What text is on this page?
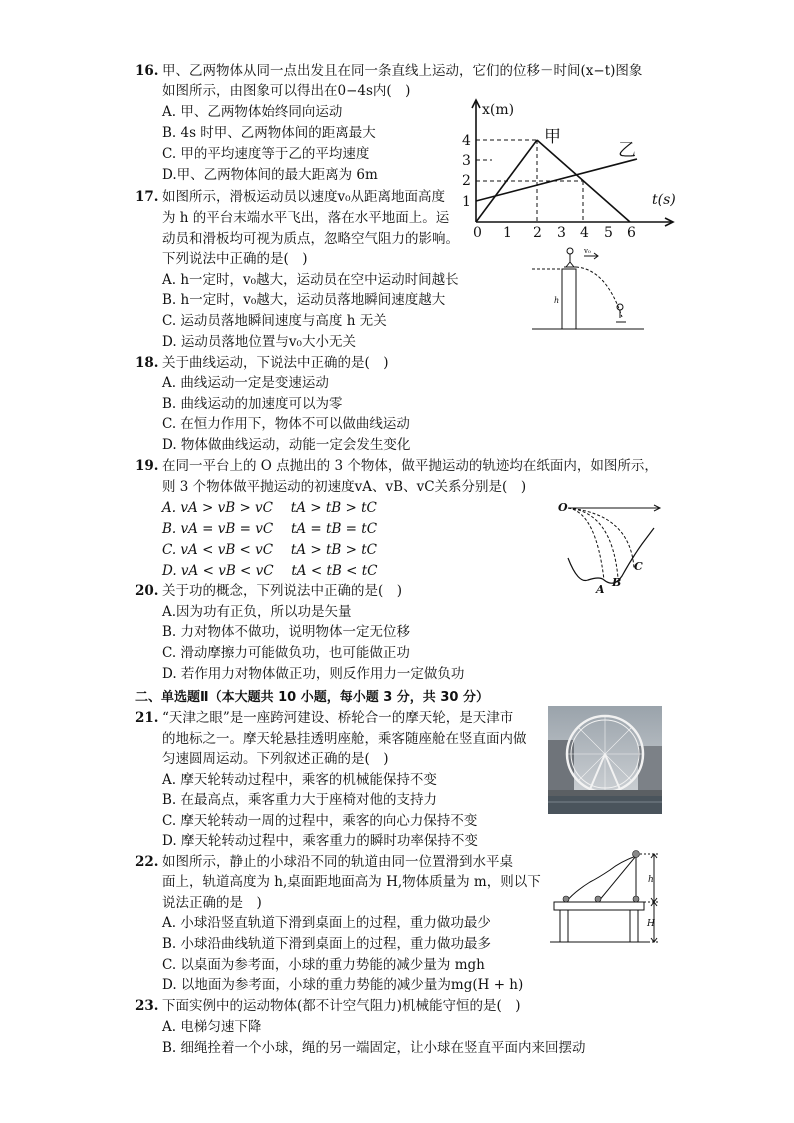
16. 甲、乙两物体从同一点出发且在同一条直线上运动，它们的位移－时间(x−t)图象
如图所示，由图象可以得出在0−4s内(　)
A. 甲、乙两物体始终同向运动
B. 4s 时甲、乙两物体间的距离最大
C. 甲的平均速度等于乙的平均速度
D.甲、乙两物体间的最大距离为 6m
x(m)
t(s)
甲
乙
4
3
2
1
0 1 2 3 4 5 6
17. 如图所示，滑板运动员以速度v₀从距离地面高度
为 h 的平台末端水平飞出，落在水平地面上。运
动员和滑板均可视为质点，忽略空气阻力的影响。
下列说法中正确的是(　)
A. h一定时，v₀越大，运动员在空中运动时间越长
B. h一定时，v₀越大，运动员落地瞬间速度越大
C. 运动员落地瞬间速度与高度 h 无关
D. 运动员落地位置与v₀大小无关
v₀
h
18. 关于曲线运动，下说法中正确的是(　)
A. 曲线运动一定是变速运动
B. 曲线运动的加速度可以为零
C. 在恒力作用下，物体不可以做曲线运动
D. 物体做曲线运动，动能一定会发生变化
19. 在同一平台上的 O 点抛出的 3 个物体，做平抛运动的轨迹均在纸面内，如图所示，
则 3 个物体做平抛运动的初速度vA、vB、vC关系分别是(　)
A. vA > vB > vC　 tA > tB > tC
B. vA = vB = vC　 tA = tB = tC
C. vA < vB < vC　 tA > tB > tC
D. vA < vB < vC　 tA < tB < tC
O
A
B
C
20. 关于功的概念，下列说法中正确的是(　)
A.因为功有正负，所以功是矢量
B. 力对物体不做功，说明物体一定无位移
C. 滑动摩擦力可能做负功，也可能做正功
D. 若作用力对物体做正功，则反作用力一定做负功
二、单选题Ⅱ（本大题共 10 小题，每小题 3 分，共 30 分）
21. “天津之眼”是一座跨河建设、桥轮合一的摩天轮，是天津市
的地标之一。摩天轮悬挂透明座舱，乘客随座舱在竖直面内做
匀速圆周运动。下列叙述正确的是(　)
A. 摩天轮转动过程中，乘客的机械能保持不变
B. 在最高点，乘客重力大于座椅对他的支持力
C. 摩天轮转动一周的过程中，乘客的向心力保持不变
D. 摩天轮转动过程中，乘客重力的瞬时功率保持不变
22. 如图所示，静止的小球沿不同的轨道由同一位置滑到水平桌
面上，轨道高度为 h,桌面距地面高为 H,物体质量为 m，则以下
说法正确的是　)
A. 小球沿竖直轨道下滑到桌面上的过程，重力做功最少
B. 小球沿曲线轨道下滑到桌面上的过程，重力做功最多
C. 以桌面为参考面，小球的重力势能的减少量为 mgh
D. 以地面为参考面，小球的重力势能的减少量为mg(H + h)
h
H
23. 下面实例中的运动物体(都不计空气阻力)机械能守恒的是(　)
A. 电梯匀速下降
B. 细绳拴着一个小球，绳的另一端固定，让小球在竖直平面内来回摆动
